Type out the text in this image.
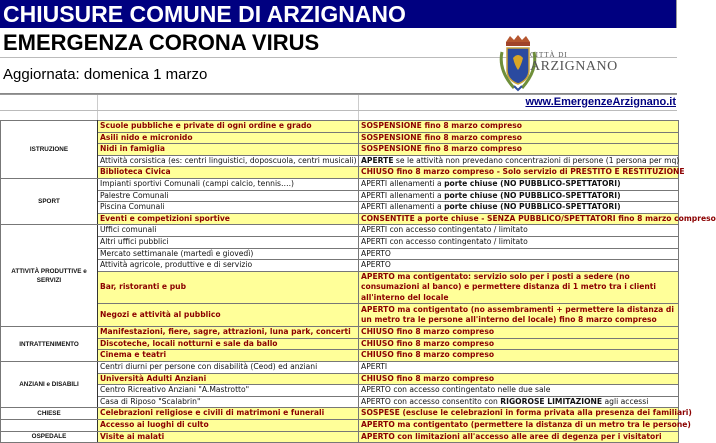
CHIUSURE COMUNE DI ARZIGNANO
EMERGENZA CORONA VIRUS
Aggiornata: domenica 1 marzo
CITTÀ DI
ARZIGNANO
www.EmergenzeArzignano.it
ISTRUZIONE	Scuole pubbliche e private di ogni ordine e grado	SOSPENSIONE fino 8 marzo compreso
	Asili nido e micronido	SOSPENSIONE fino 8 marzo compreso
	Nidi in famiglia	SOSPENSIONE fino 8 marzo compreso
	Attività corsistica (es: centri linguistici, doposcuola, centri musicali)	APERTE se le attività non prevedano concentrazioni di persone (1 persona per mq)
	Biblioteca Civica	CHIUSO fino 8 marzo compreso - Solo servizio di PRESTITO E RESTITUZIONE
SPORT	Impianti sportivi Comunali (campi calcio, tennis….)	APERTI allenamenti a porte chiuse (NO PUBBLICO-SPETTATORI)
	Palestre Comunali	APERTI allenamenti a porte chiuse (NO PUBBLICO-SPETTATORI)
	Piscina Comunali	APERTI allenamenti a porte chiuse (NO PUBBLICO-SPETTATORI)
	Eventi e competizioni sportive	CONSENTITE a porte chiuse - SENZA PUBBLICO/SPETTATORI fino 8 marzo compreso
ATTIVITÀ PRODUTTIVE e SERVIZI	Uffici comunali	APERTI con accesso contingentato / limitato
	Altri uffici pubblici	APERTI con accesso contingentato / limitato
	Mercato settimanale (martedì e giovedì)	APERTO
	Attività agricole, produttive e di servizio	APERTO
	Bar, ristoranti e pub	APERTO ma contigentato: servizio solo per i posti a sedere (no consumazioni al banco) e permettere distanza di 1 metro tra i clienti all'interno del locale
	Negozi e attività al pubblico	APERTO ma contigentato (no assembramenti + permettere la distanza di un metro tra le persone all'interno del locale) fino 8 marzo compreso
INTRATTENIMENTO	Manifestazioni, fiere, sagre, attrazioni, luna park, concerti	CHIUSO fino 8 marzo compreso
	Discoteche, locali notturni e sale da ballo	CHIUSO fino 8 marzo compreso
	Cinema e teatri	CHIUSO fino 8 marzo compreso
ANZIANI e DISABILI	Centri diurni per persone con disabilità (Ceod) ed anziani	APERTI
	Università Adulti Anziani	CHIUSO fino 8 marzo compreso
	Centro Ricreativo Anziani "A.Mastrotto"	APERTO con accesso contingentato nelle due sale
	Casa di Riposo "Scalabrin"	APERTO con accesso consentito con RIGOROSE LIMITAZIONE agli accessi
CHIESE	Celebrazioni religiose e civili di matrimoni e funerali	SOSPESE (escluse le celebrazioni in forma privata alla presenza dei familiari)
	Accesso ai luoghi di culto	APERTO ma contigentato (permettere la distanza di un metro tra le persone)
OSPEDALE	Visite ai malati	APERTO con limitazioni all'accesso alle aree di degenza per i visitatori
